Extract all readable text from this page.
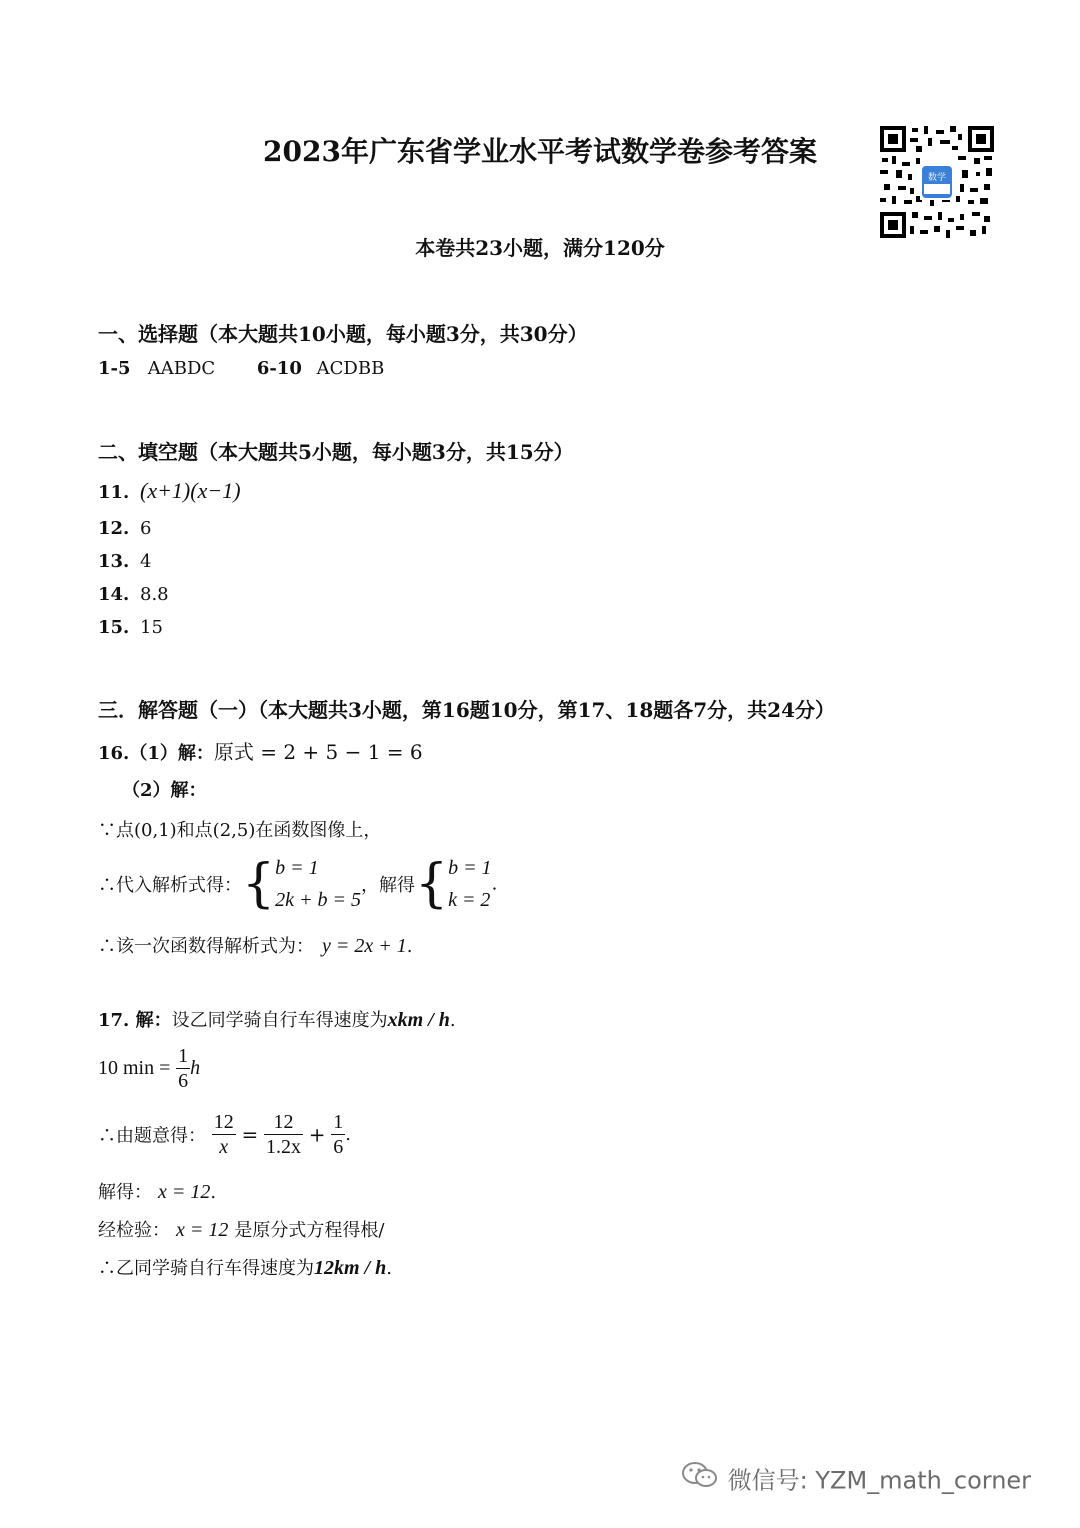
2023年广东省学业水平考试数学卷参考答案
数学
本卷共23小题，满分120分
一、选择题（本大题共10小题，每小题3分，共30分）
1-5 AABDC 6-10 ACDBB
二、填空题（本大题共5小题，每小题3分，共15分）
11. (x+1)(x−1)
12. 6
13. 4
14. 8.8
15. 15
三．解答题（一）（本大题共3小题，第16题10分，第17、18题各7分，共24分）
16.（1）解：原式 = 2 + 5 − 1 = 6
（2）解：
∵点(0,1)和点(2,5)在函数图像上，
∴代入解析式得：{ b = 1
2k + b = 5
，解得{ b = 1
k = 2
.
∴该一次函数得解析式为： y = 2x + 1.
17. 解：设乙同学骑自行车得速度为xkm / h.
10 $\min = \frac{1}{6}$ h
∴由题意得： $\frac{12}{x} = \frac{12}{1.2x} + \frac{1}{6}$ .
解得： x = 12.
经检验： x = 12 是原分式方程得根/
∴乙同学骑自行车得速度为12km / h.
微信号: YZM_math_corner
